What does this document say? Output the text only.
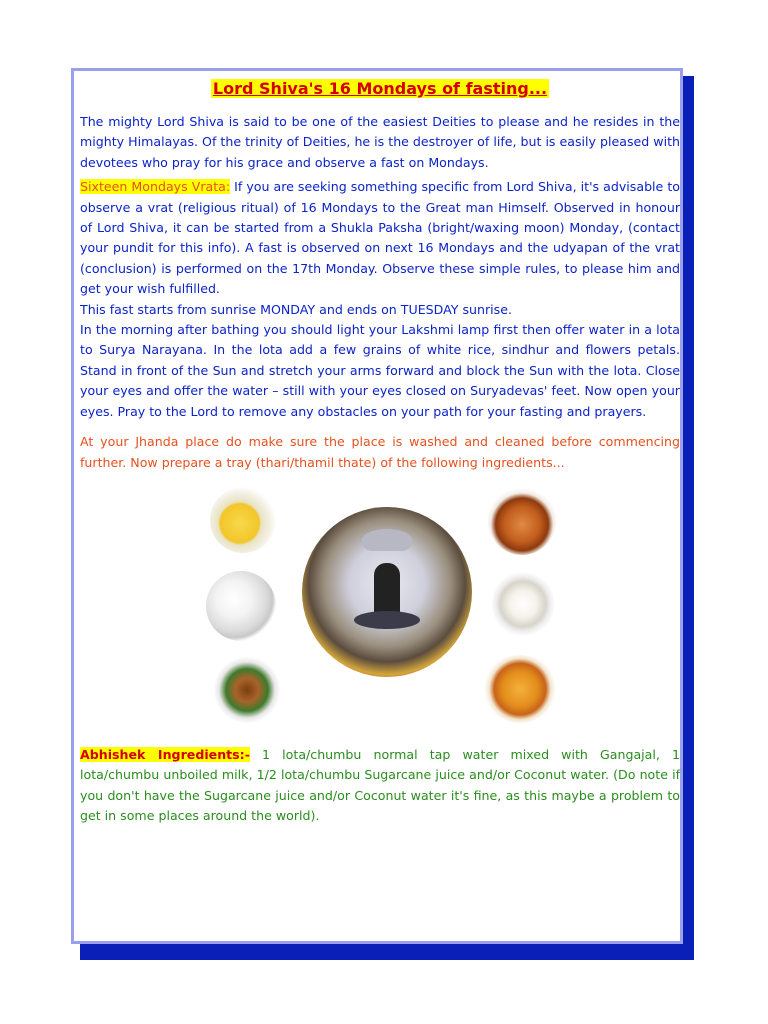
Lord Shiva's 16 Mondays of fasting...

The mighty Lord Shiva is said to be one of the easiest Deities to please and he resides in the mighty Himalayas. Of the trinity of Deities, he is the destroyer of life, but is easily pleased with devotees who pray for his grace and observe a fast on Mondays.

Sixteen Mondays Vrata: If you are seeking something specific from Lord Shiva, it's advisable to observe a vrat (religious ritual) of 16 Mondays to the Great man Himself. Observed in honour of Lord Shiva, it can be started from a Shukla Paksha (bright/waxing moon) Monday, (contact your pundit for this info). A fast is observed on next 16 Mondays and the udyapan of the vrat (conclusion) is performed on the 17th Monday. Observe these simple rules, to please him and get your wish fulfilled.

This fast starts from sunrise MONDAY and ends on TUESDAY sunrise.

In the morning after bathing you should light your Lakshmi lamp first then offer water in a lota to Surya Narayana. In the lota add a few grains of white rice, sindhur and flowers petals. Stand in front of the Sun and stretch your arms forward and block the Sun with the lota. Close your eyes and offer the water – still with your eyes closed on Suryadevas' feet. Now open your eyes. Pray to the Lord to remove any obstacles on your path for your fasting and prayers.

At your Jhanda place do make sure the place is washed and cleaned before commencing further. Now prepare a tray (thari/thamil thate) of the following ingredients...

Abhishek Ingredients:- 1 lota/chumbu normal tap water mixed with Gangajal, 1 lota/chumbu unboiled milk, 1/2 lota/chumbu Sugarcane juice and/or Coconut water. (Do note if you don't have the Sugarcane juice and/or Coconut water it's fine, as this maybe a problem to get in some places around the world).
